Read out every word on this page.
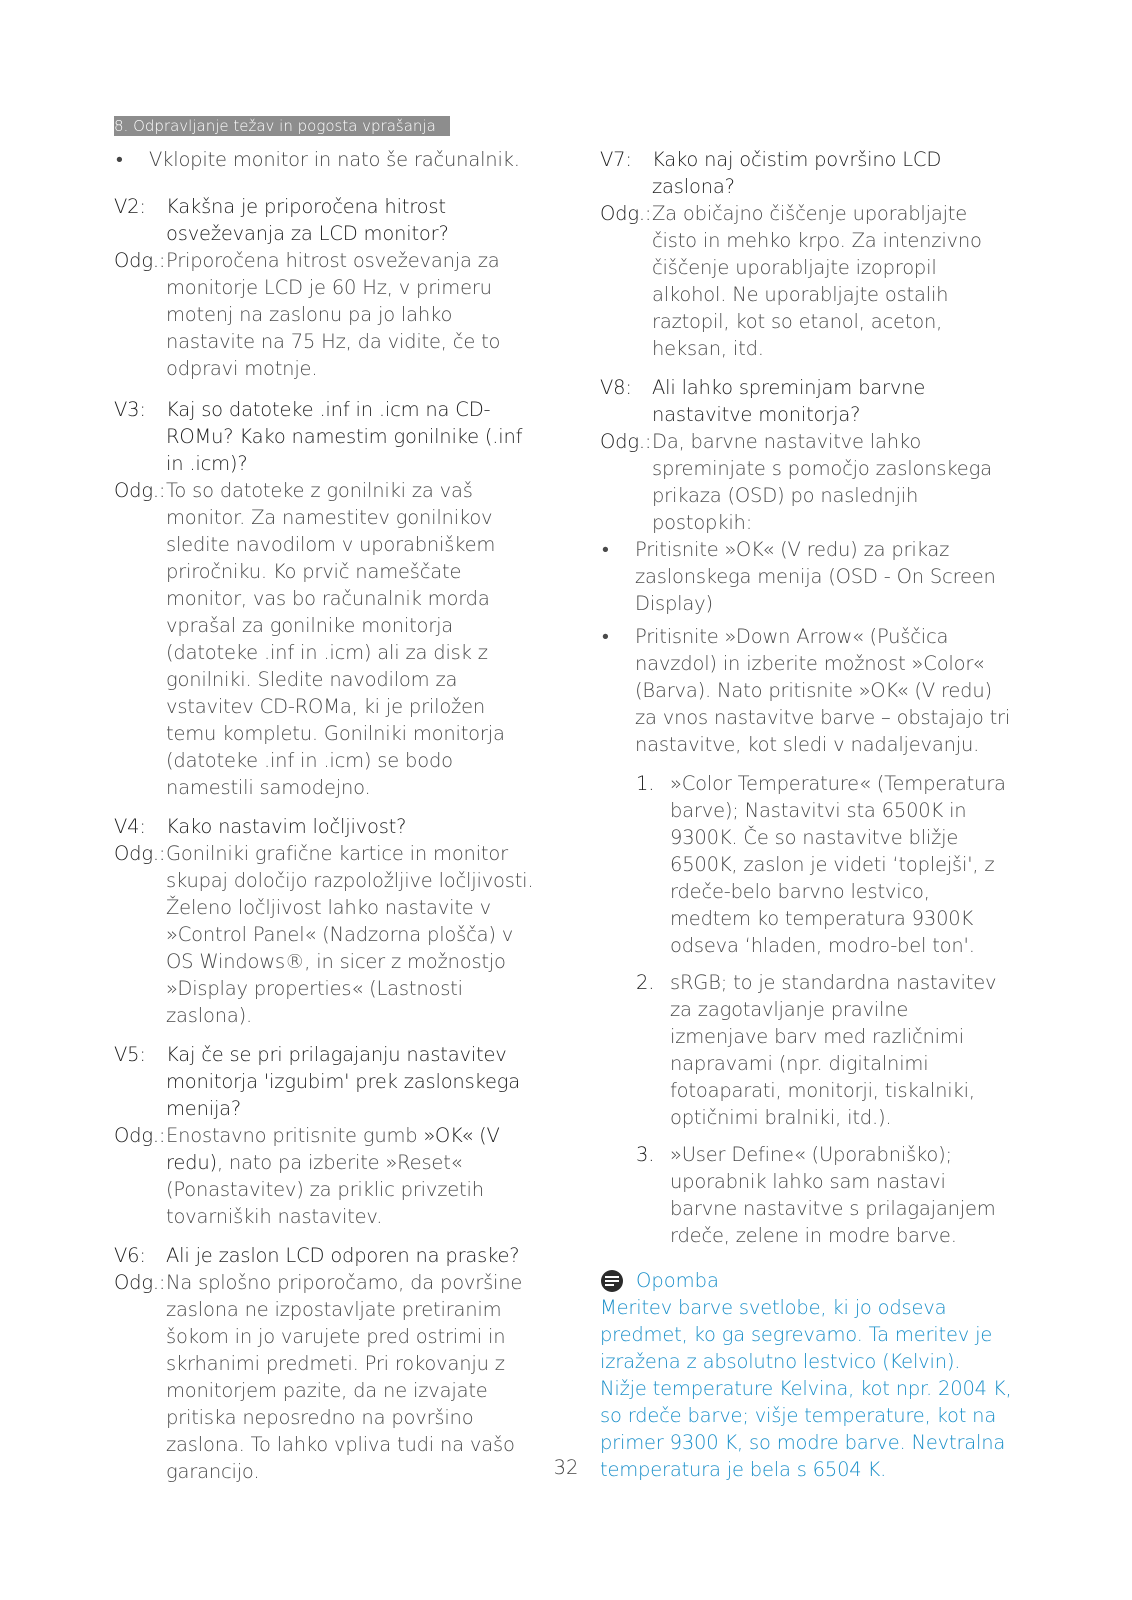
8. Odpravljanje težav in pogosta vprašanja
• Vklopite monitor in nato še računalnik.
V2:	Kakšna je priporočena hitrost osveževanja za LCD monitor?
Odg.: Priporočena hitrost osveževanja za monitorje LCD je 60 Hz, v primeru motenj na zaslonu pa jo lahko nastavite na 75 Hz, da vidite, če to odpravi motnje.
V3:	Kaj so datoteke .inf in .icm na CD-ROMu? Kako namestim gonilnike (.inf in .icm)?
Odg.: To so datoteke z gonilniki za vaš monitor. Za namestitev gonilnikov sledite navodilom v uporabniškem priročniku. Ko prvič nameščate monitor, vas bo računalnik morda vprašal za gonilnike monitorja (datoteke .inf in .icm) ali za disk z gonilniki. Sledite navodilom za vstavitev CD-ROMa, ki je priložen temu kompletu. Gonilniki monitorja (datoteke .inf in .icm) se bodo namestili samodejno.
V4:	Kako nastavim ločljivost?
Odg.: Gonilniki grafične kartice in monitor skupaj določijo razpoložljive ločljivosti. Želeno ločljivost lahko nastavite v »Control Panel« (Nadzorna plošča) v OS Windows®, in sicer z možnostjo »Display properties« (Lastnosti zaslona).
V5:	Kaj če se pri prilagajanju nastavitev monitorja 'izgubim' prek zaslonskega menija?
Odg.: Enostavno pritisnite gumb »OK« (V redu), nato pa izberite »Reset« (Ponastavitev) za priklic privzetih tovarniških nastavitev.
V6:	Ali je zaslon LCD odporen na praske?
Odg.: Na splošno priporočamo, da površine zaslona ne izpostavljate pretiranim šokom in jo varujete pred ostrimi in skrhanimi predmeti. Pri rokovanju z monitorjem pazite, da ne izvajate pritiska neposredno na površino zaslona. To lahko vpliva tudi na vašo garancijo.
V7:	Kako naj očistim površino LCD zaslona?
Odg.: Za običajno čiščenje uporabljajte čisto in mehko krpo. Za intenzivno čiščenje uporabljajte izopropil alkohol. Ne uporabljajte ostalih raztopil, kot so etanol, aceton, heksan, itd.
V8:	Ali lahko spreminjam barvne nastavitve monitorja?
Odg.: Da, barvne nastavitve lahko spreminjate s pomočjo zaslonskega prikaza (OSD) po naslednjih postopkih:
• Pritisnite »OK« (V redu) za prikaz zaslonskega menija (OSD - On Screen Display)
• Pritisnite »Down Arrow« (Puščica navzdol) in izberite možnost »Color« (Barva). Nato pritisnite »OK« (V redu) za vnos nastavitve barve – obstajajo tri nastavitve, kot sledi v nadaljevanju.
1. »Color Temperature« (Temperatura barve); Nastavitvi sta 6500K in 9300K. Če so nastavitve bližje 6500K, zaslon je videti ‘toplejši', z rdeče-belo barvno lestvico, medtem ko temperatura 9300K odseva ‘hladen, modro-bel ton'.
2. sRGB; to je standardna nastavitev za zagotavljanje pravilne izmenjave barv med različnimi napravami (npr. digitalnimi fotoaparati, monitorji, tiskalniki, optičnimi bralniki, itd.).
3. »User Define« (Uporabniško); uporabnik lahko sam nastavi barvne nastavitve s prilagajanjem rdeče, zelene in modre barve.
Opomba
Meritev barve svetlobe, ki jo odseva predmet, ko ga segrevamo. Ta meritev je izražena z absolutno lestvico (Kelvin). Nižje temperature Kelvina, kot npr. 2004 K, so rdeče barve; višje temperature, kot na primer 9300 K, so modre barve. Nevtralna temperatura je bela s 6504 K.
32
